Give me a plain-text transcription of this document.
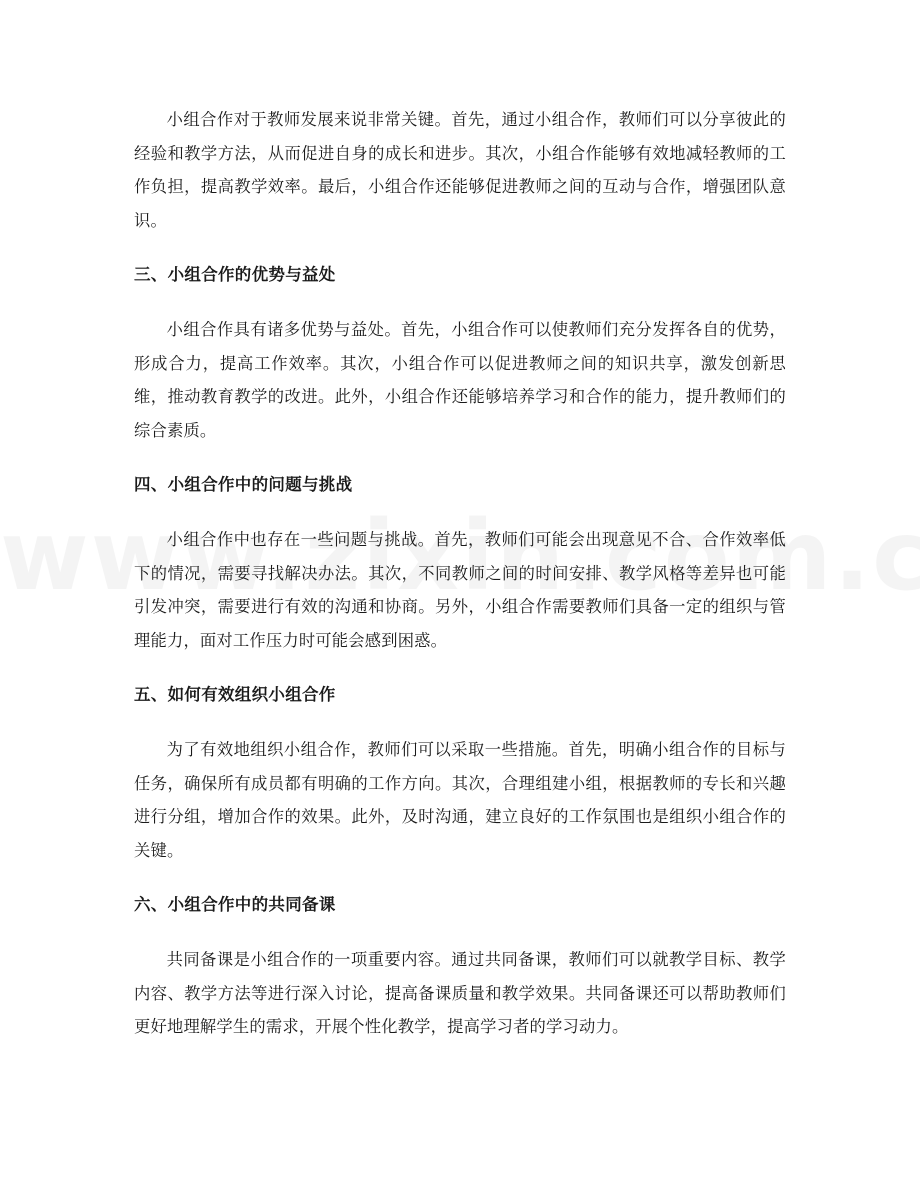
小组合作对于教师发展来说非常关键。首先，通过小组合作，教师们可以分享彼此的经验和教学方法，从而促进自身的成长和进步。其次，小组合作能够有效地减轻教师的工作负担，提高教学效率。最后，小组合作还能够促进教师之间的互动与合作，增强团队意识。

三、小组合作的优势与益处

小组合作具有诸多优势与益处。首先，小组合作可以使教师们充分发挥各自的优势，形成合力，提高工作效率。其次，小组合作可以促进教师之间的知识共享，激发创新思维，推动教育教学的改进。此外，小组合作还能够培养学习和合作的能力，提升教师们的综合素质。

四、小组合作中的问题与挑战

小组合作中也存在一些问题与挑战。首先，教师们可能会出现意见不合、合作效率低下的情况，需要寻找解决办法。其次，不同教师之间的时间安排、教学风格等差异也可能引发冲突，需要进行有效的沟通和协商。另外，小组合作需要教师们具备一定的组织与管理能力，面对工作压力时可能会感到困惑。

五、如何有效组织小组合作

为了有效地组织小组合作，教师们可以采取一些措施。首先，明确小组合作的目标与任务，确保所有成员都有明确的工作方向。其次，合理组建小组，根据教师的专长和兴趣进行分组，增加合作的效果。此外，及时沟通，建立良好的工作氛围也是组织小组合作的关键。

六、小组合作中的共同备课

共同备课是小组合作的一项重要内容。通过共同备课，教师们可以就教学目标、教学内容、教学方法等进行深入讨论，提高备课质量和教学效果。共同备课还可以帮助教师们更好地理解学生的需求，开展个性化教学，提高学习者的学习动力。
